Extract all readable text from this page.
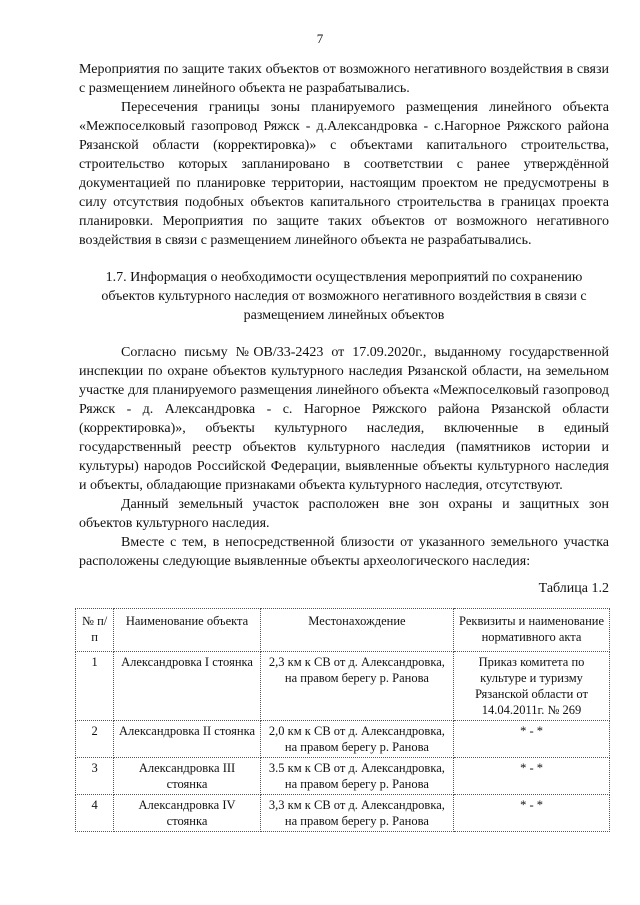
7

Мероприятия по защите таких объектов от возможного негативного воздействия в связи с размещением линейного объекта не разрабатывались.

Пересечения границы зоны планируемого размещения линейного объекта «Межпоселковый газопровод Ряжск - д.Александровка - с.Нагорное Ряжского района Рязанской области (корректировка)» с объектами капитального строительства, строительство которых запланировано в соответствии с ранее утверждённой документацией по планировке территории, настоящим проектом не предусмотрены в силу отсутствия подобных объектов капитального строительства в границах проекта планировки. Мероприятия по защите таких объектов от возможного негативного воздействия в связи с размещением линейного объекта не разрабатывались.

1.7. Информация о необходимости осуществления мероприятий по сохранению объектов культурного наследия от возможного негативного воздействия в связи с размещением линейных объектов

Согласно письму №ОВ/33-2423 от 17.09.2020г., выданному государственной инспекции по охране объектов культурного наследия Рязанской области, на земельном участке для планируемого размещения линейного объекта «Межпоселковый газопровод Ряжск - д. Александровка - с. Нагорное Ряжского района Рязанской области (корректировка)», объекты культурного наследия, включенные в единый государственный реестр объектов культурного наследия (памятников истории и культуры) народов Российской Федерации, выявленные объекты культурного наследия и объекты, обладающие признаками объекта культурного наследия, отсутствуют.

Данный земельный участок расположен вне зон охраны и защитных зон объектов культурного наследия.

Вместе с тем, в непосредственной близости от указанного земельного участка расположены следующие выявленные объекты археологического наследия:

Таблица 1.2

№ п/п	Наименование объекта	Местонахождение	Реквизиты и наименование нормативного акта
1	Александровка I стоянка	2,3 км к СВ от д. Александровка, на правом берегу р. Ранова	Приказ комитета по культуре и туризму Рязанской области от 14.04.2011г. № 269
2	Александровка II стоянка	2,0 км к СВ от д. Александровка, на правом берегу р. Ранова	* - *
3	Александровка III стоянка	3.5 км к СВ от д. Александровка, на правом берегу р. Ранова	* - *
4	Александровка IV стоянка	3,3 км к СВ от д. Александровка, на правом берегу р. Ранова	* - *
